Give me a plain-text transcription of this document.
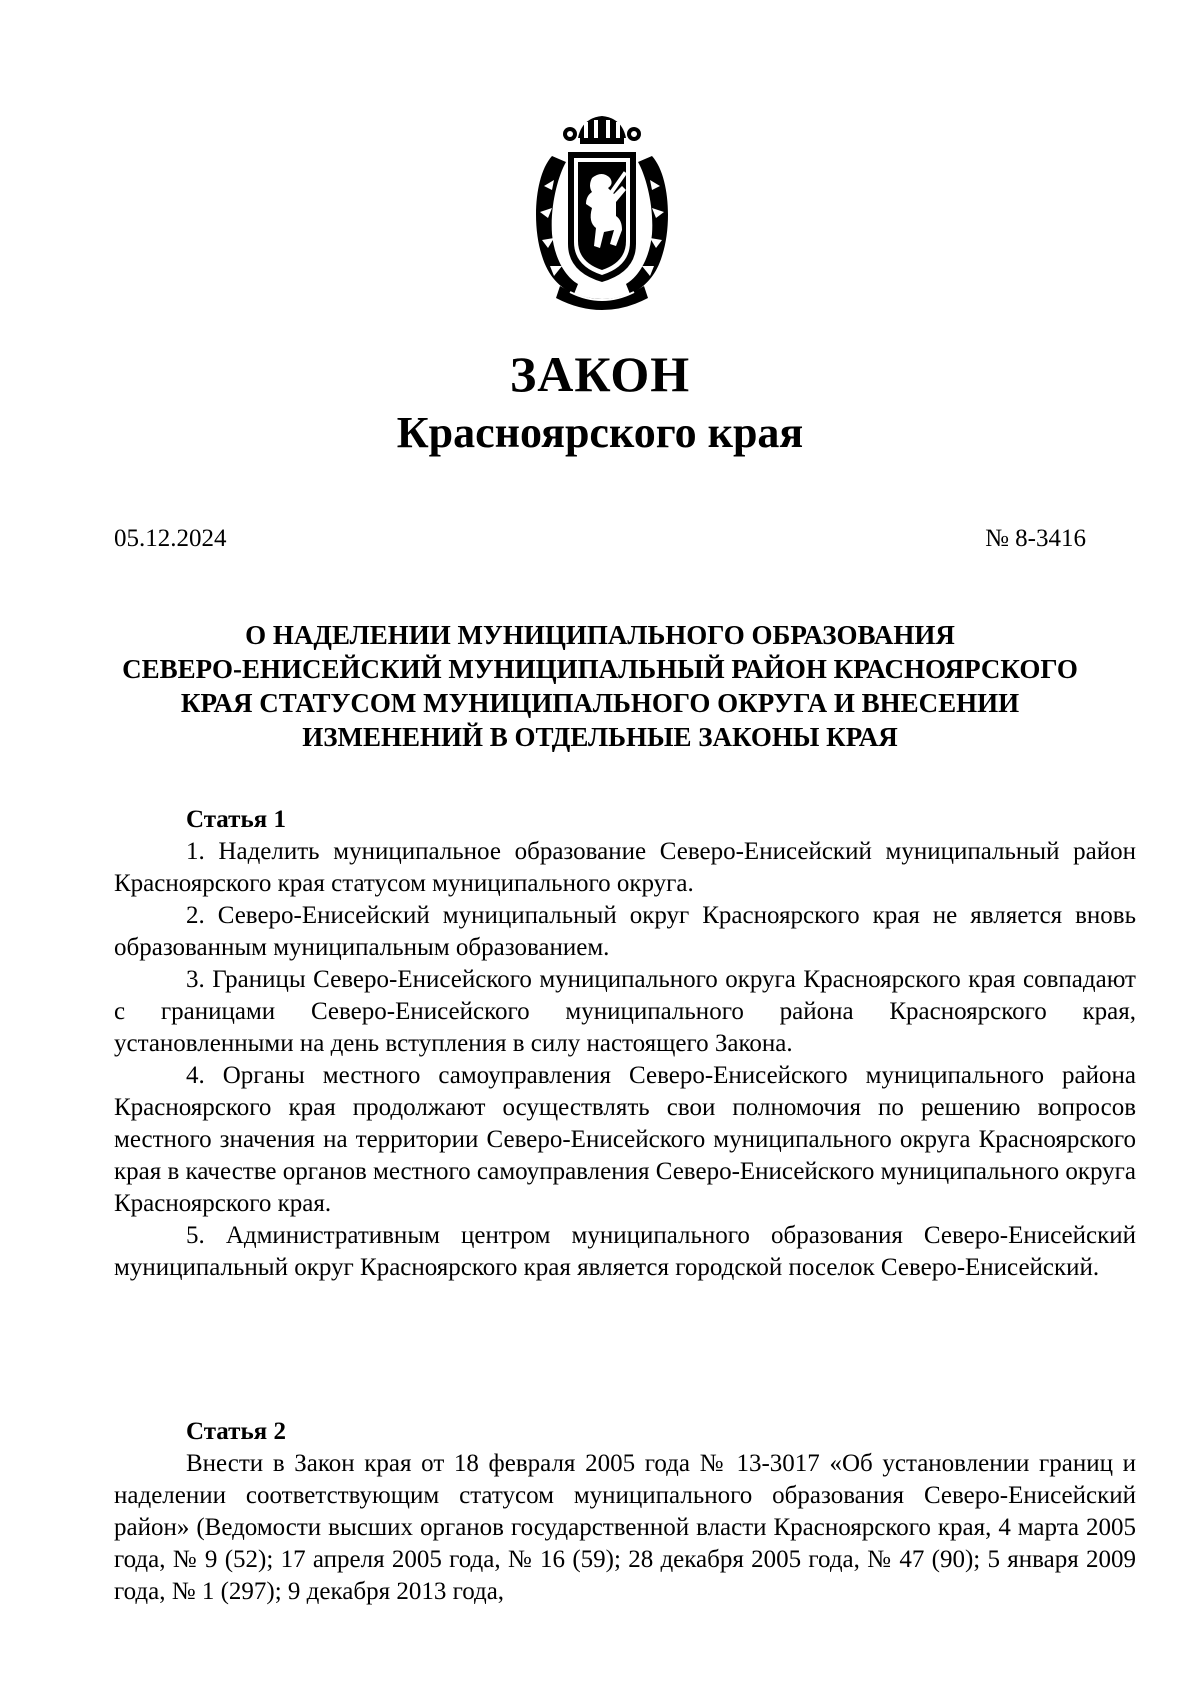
ЗАКОН
Красноярского края
05.12.2024	№ 8-3416
О НАДЕЛЕНИИ МУНИЦИПАЛЬНОГО ОБРАЗОВАНИЯ
СЕВЕРО-ЕНИСЕЙСКИЙ МУНИЦИПАЛЬНЫЙ РАЙОН КРАСНОЯРСКОГО
КРАЯ СТАТУСОМ МУНИЦИПАЛЬНОГО ОКРУГА И ВНЕСЕНИИ
ИЗМЕНЕНИЙ В ОТДЕЛЬНЫЕ ЗАКОНЫ КРАЯ
Статья 1

1. Наделить муниципальное образование Северо-Енисейский муниципальный район Красноярского края статусом муниципального округа.

2. Северо-Енисейский муниципальный округ Красноярского края не является вновь образованным муниципальным образованием.

3. Границы Северо-Енисейского муниципального округа Красноярского края совпадают с границами Северо-Енисейского муниципального района Красноярского края, установленными на день вступления в силу настоящего Закона.

4. Органы местного самоуправления Северо-Енисейского муниципального района Красноярского края продолжают осуществлять свои полномочия по решению вопросов местного значения на территории Северо-Енисейского муниципального округа Красноярского края в качестве органов местного самоуправления Северо-Енисейского муниципального округа Красноярского края.

5. Административным центром муниципального образования Северо-Енисейский муниципальный округ Красноярского края является городской поселок Северо-Енисейский.

Статья 2

Внести в Закон края от 18 февраля 2005 года № 13-3017 «Об установлении границ и наделении соответствующим статусом муниципального образования Северо-Енисейский район» (Ведомости высших органов государственной власти Красноярского края, 4 марта 2005 года, № 9 (52); 17 апреля 2005 года, № 16 (59); 28 декабря 2005 года, № 47 (90); 5 января 2009 года, № 1 (297); 9 декабря 2013 года,
